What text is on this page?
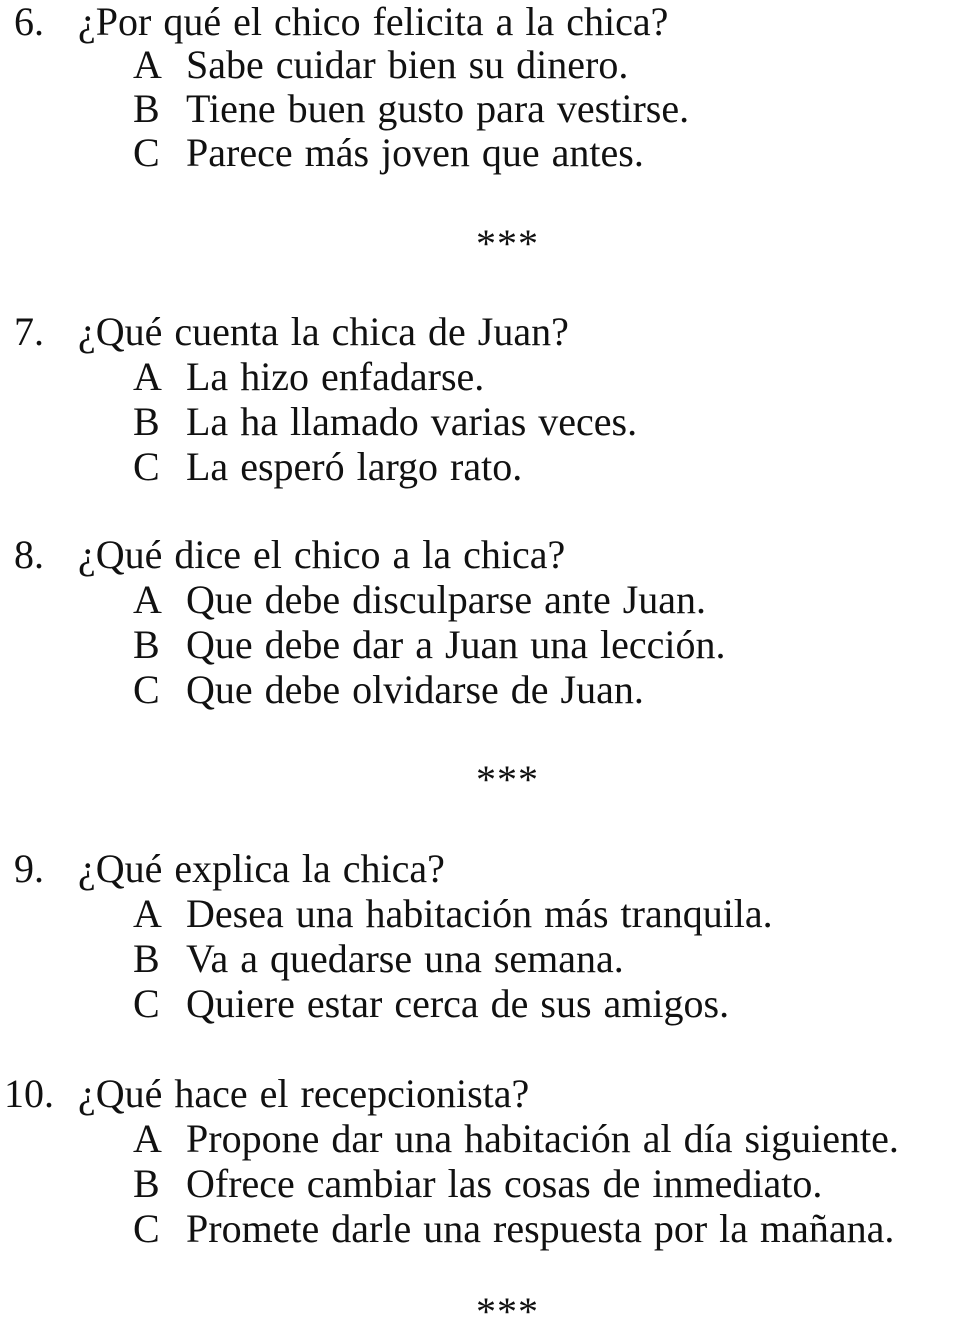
6. ¿Por qué el chico felicita a la chica?
A Sabe cuidar bien su dinero.
B Tiene buen gusto para vestirse.
C Parece más joven que antes.
***
7. ¿Qué cuenta la chica de Juan?
A La hizo enfadarse.
B La ha llamado varias veces.
C La esperó largo rato.
8. ¿Qué dice el chico a la chica?
A Que debe disculparse ante Juan.
B Que debe dar a Juan una lección.
C Que debe olvidarse de Juan.
***
9. ¿Qué explica la chica?
A Desea una habitación más tranquila.
B Va a quedarse una semana.
C Quiere estar cerca de sus amigos.
10. ¿Qué hace el recepcionista?
A Propone dar una habitación al día siguiente.
B Ofrece cambiar las cosas de inmediato.
C Promete darle una respuesta por la mañana.
***
